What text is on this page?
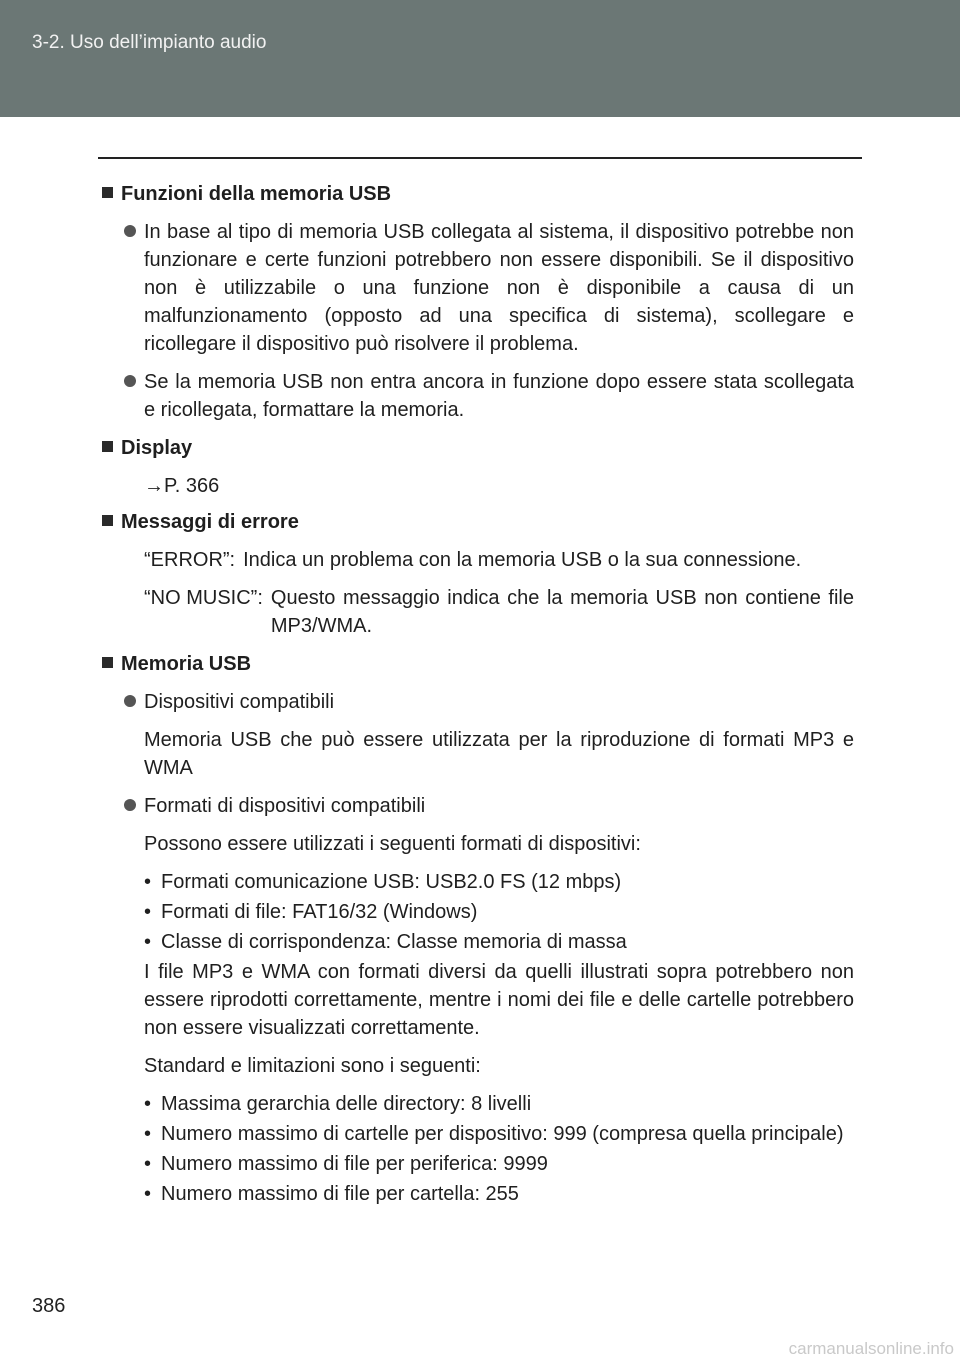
3-2. Uso dell’impianto audio
Funzioni della memoria USB
In base al tipo di memoria USB collegata al sistema, il dispositivo potrebbe non funzionare e certe funzioni potrebbero non essere disponibili. Se il dispositivo non è utilizzabile o una funzione non è disponibile a causa di un malfunzionamento (opposto ad una specifica di sistema), scollegare e ricollegare il dispositivo può risolvere il problema.
Se la memoria USB non entra ancora in funzione dopo essere stata scollegata e ricollegata, formattare la memoria.
Display
→P. 366
Messaggi di errore
“ERROR”: Indica un problema con la memoria USB o la sua connessione.
“NO MUSIC”: Questo messaggio indica che la memoria USB non contiene file MP3/WMA.
Memoria USB
Dispositivi compatibili
Memoria USB che può essere utilizzata per la riproduzione di formati MP3 e WMA
Formati di dispositivi compatibili
Possono essere utilizzati i seguenti formati di dispositivi:
• Formati comunicazione USB: USB2.0 FS (12 mbps)
• Formati di file: FAT16/32 (Windows)
• Classe di corrispondenza: Classe memoria di massa
I file MP3 e WMA con formati diversi da quelli illustrati sopra potrebbero non essere riprodotti correttamente, mentre i nomi dei file e delle cartelle potrebbero non essere visualizzati correttamente.
Standard e limitazioni sono i seguenti:
• Massima gerarchia delle directory: 8 livelli
• Numero massimo di cartelle per dispositivo: 999 (compresa quella principale)
• Numero massimo di file per periferica: 9999
• Numero massimo di file per cartella: 255
386
carmanualsonline.info
